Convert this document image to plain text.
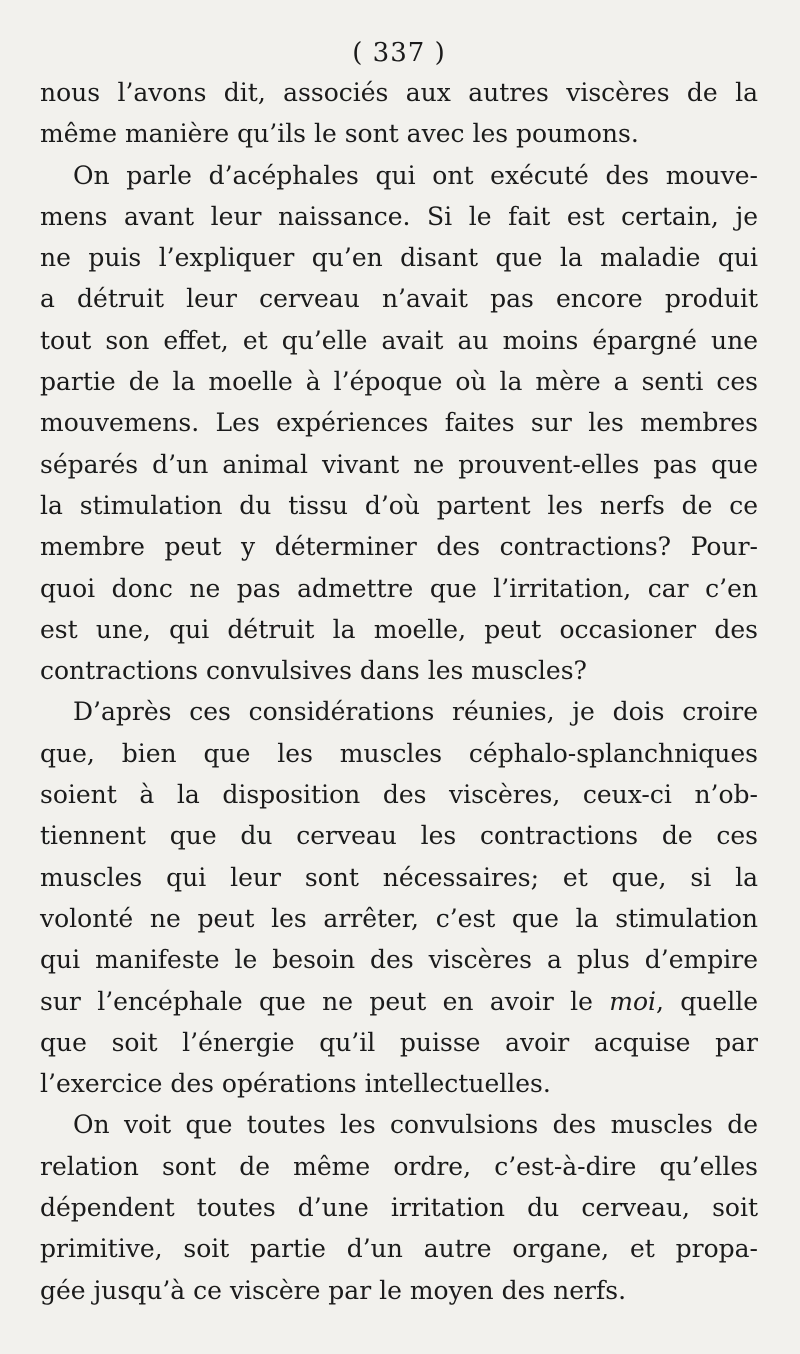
( 337 )
nous l’avons dit, associés aux autres viscères de la
même manière qu’ils le sont avec les poumons.
On parle d’acéphales qui ont exécuté des mouve-
mens avant leur naissance. Si le fait est certain, je
ne puis l’expliquer qu’en disant que la maladie qui
a détruit leur cerveau n’avait pas encore produit
tout son effet, et qu’elle avait au moins épargné une
partie de la moelle à l’époque où la mère a senti ces
mouvemens. Les expériences faites sur les membres
séparés d’un animal vivant ne prouvent-elles pas que
la stimulation du tissu d’où partent les nerfs de ce
membre peut y déterminer des contractions? Pour-
quoi donc ne pas admettre que l’irritation, car c’en
est une, qui détruit la moelle, peut occasioner des
contractions convulsives dans les muscles?
D’après ces considérations réunies, je dois croire
que, bien que les muscles céphalo-splanchniques
soient à la disposition des viscères, ceux-ci n’ob-
tiennent que du cerveau les contractions de ces
muscles qui leur sont nécessaires; et que, si la
volonté ne peut les arrêter, c’est que la stimulation
qui manifeste le besoin des viscères a plus d’empire
sur l’encéphale que ne peut en avoir le moi, quelle
que soit l’énergie qu’il puisse avoir acquise par
l’exercice des opérations intellectuelles.
On voit que toutes les convulsions des muscles de
relation sont de même ordre, c’est-à-dire qu’elles
dépendent toutes d’une irritation du cerveau, soit
primitive, soit partie d’un autre organe, et propa-
gée jusqu’à ce viscère par le moyen des nerfs.
